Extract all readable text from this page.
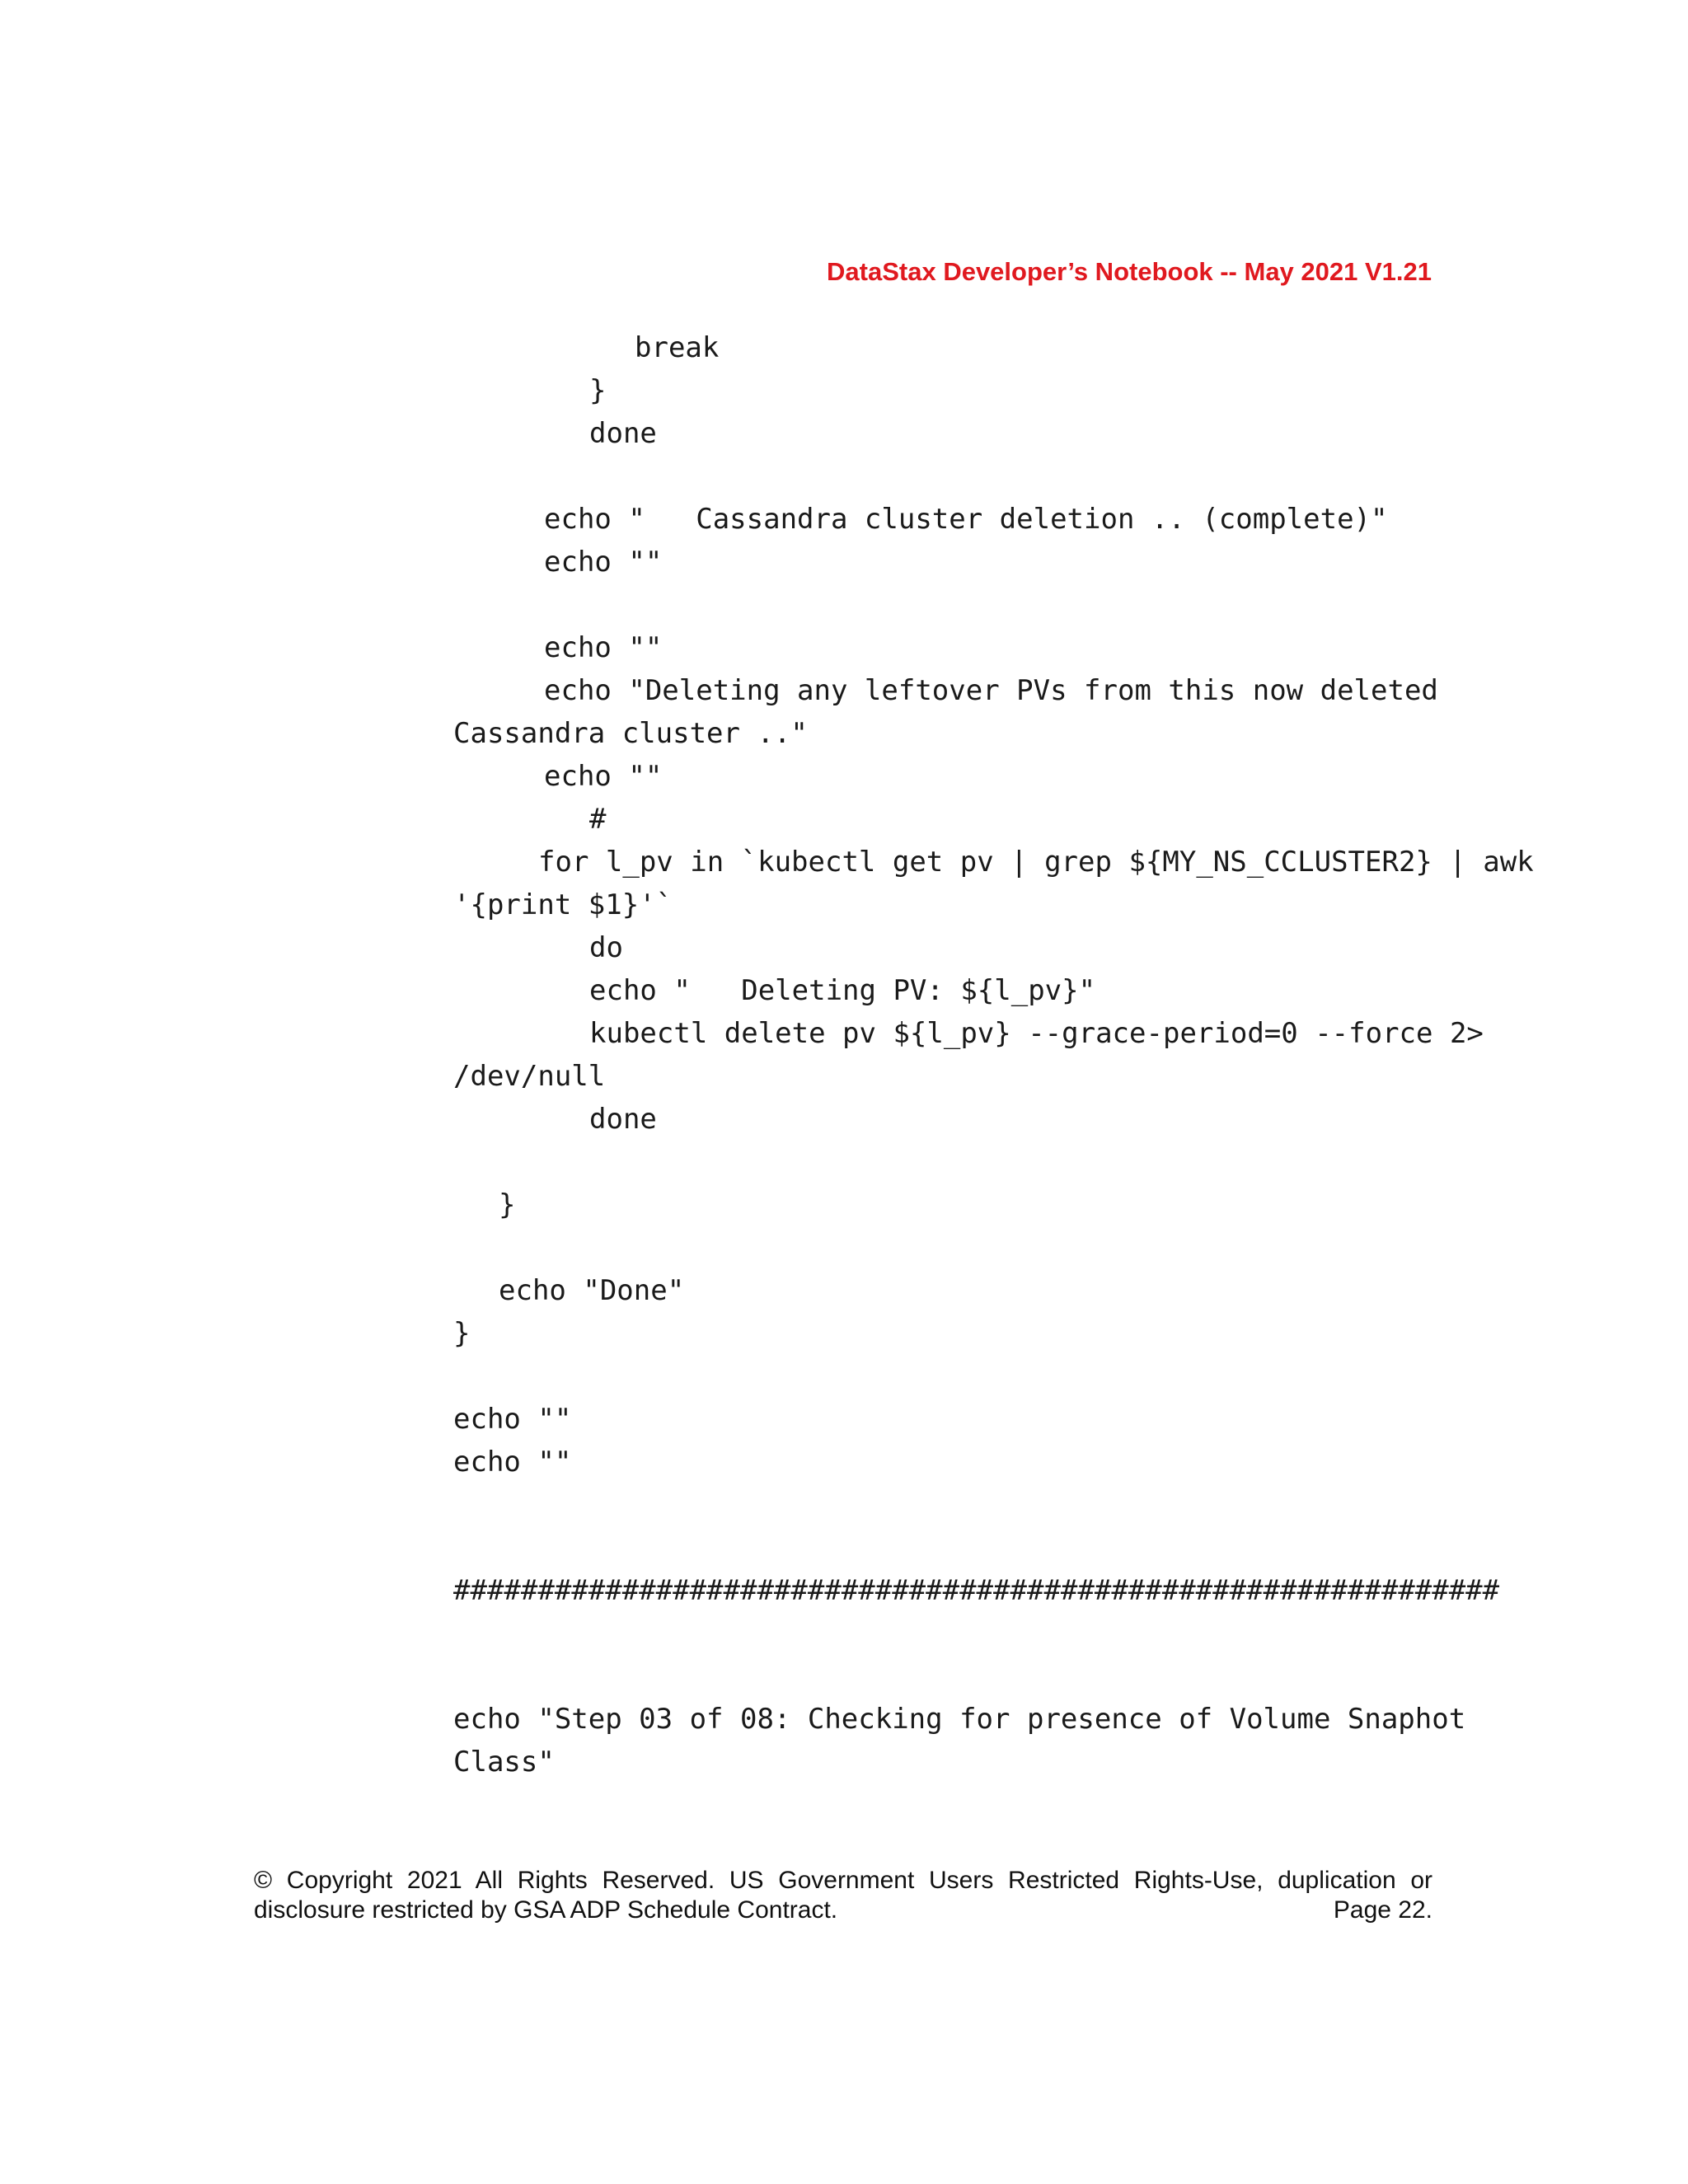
DataStax Developer’s Notebook -- May 2021 V1.21
break
}
done
echo "   Cassandra cluster deletion .. (complete)"
echo ""
echo ""
echo "Deleting any leftover PVs from this now deleted
Cassandra cluster .."
echo ""
#
for l_pv in `kubectl get pv | grep ${MY_NS_CCLUSTER2} | awk
'{print $1}'`
do
echo "   Deleting PV: ${l_pv}"
kubectl delete pv ${l_pv} --grace-period=0 --force 2>
/dev/null
done
}
echo "Done"
}
echo ""
echo ""
##############################################################
echo "Step 03 of 08: Checking for presence of Volume Snaphot
Class"
© Copyright 2021 All Rights Reserved. US Government Users Restricted Rights-Use, duplication or
disclosure restricted by GSA ADP Schedule Contract.	Page 22.
